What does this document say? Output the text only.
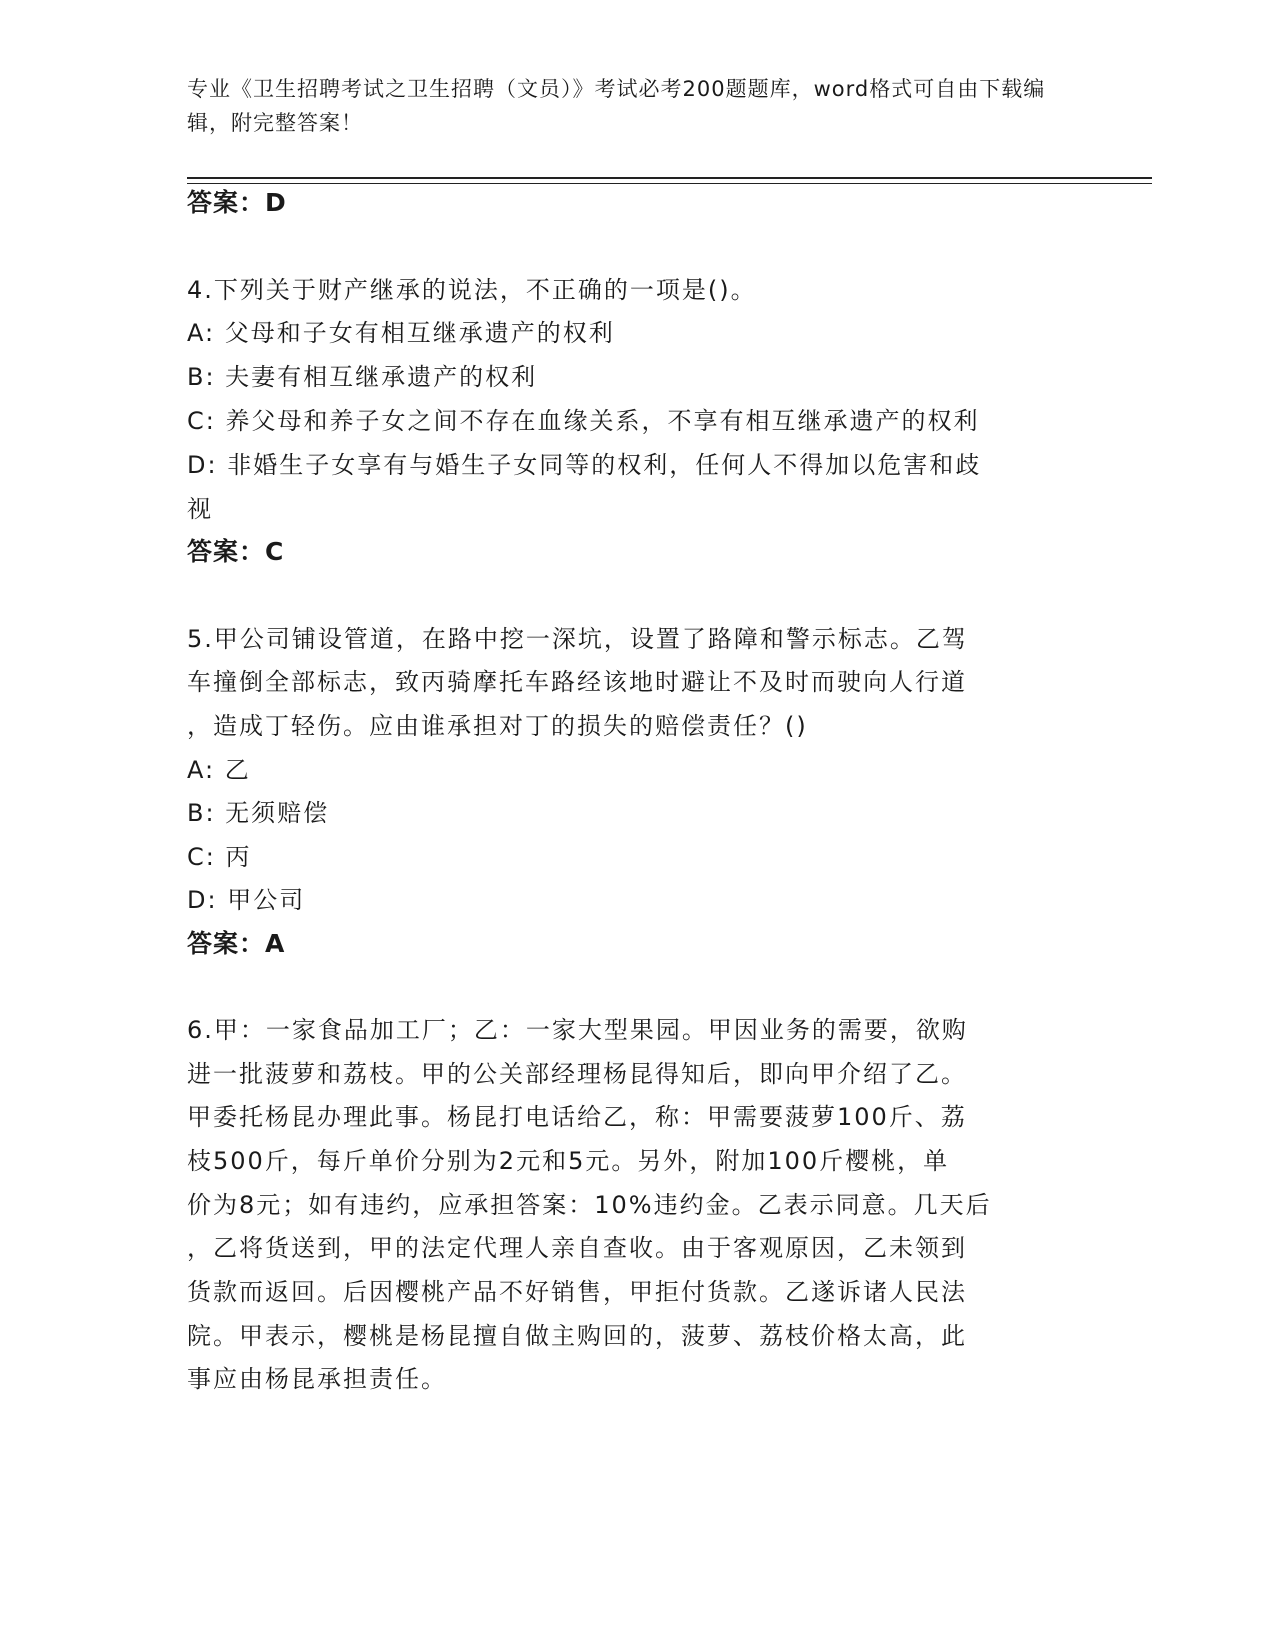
专业《卫生招聘考试之卫生招聘（文员）》考试必考200题题库，word格式可自由下载编辑，附完整答案！
答案：D
4.下列关于财产继承的说法，不正确的一项是()。
A: 父母和子女有相互继承遗产的权利
B: 夫妻有相互继承遗产的权利
C: 养父母和养子女之间不存在血缘关系，不享有相互继承遗产的权利
D: 非婚生子女享有与婚生子女同等的权利，任何人不得加以危害和歧
视
答案：C
5.甲公司铺设管道，在路中挖一深坑，设置了路障和警示标志。乙驾
车撞倒全部标志，致丙骑摩托车路经该地时避让不及时而驶向人行道
，造成丁轻伤。应由谁承担对丁的损失的赔偿责任？()
A: 乙
B: 无须赔偿
C: 丙
D: 甲公司
答案：A
6.甲：一家食品加工厂；乙：一家大型果园。甲因业务的需要，欲购
进一批菠萝和荔枝。甲的公关部经理杨昆得知后，即向甲介绍了乙。
甲委托杨昆办理此事。杨昆打电话给乙，称：甲需要菠萝100斤、荔
枝500斤，每斤单价分别为2元和5元。另外，附加100斤樱桃，单
价为8元；如有违约，应承担答案：10%违约金。乙表示同意。几天后
，乙将货送到，甲的法定代理人亲自查收。由于客观原因，乙未领到
货款而返回。后因樱桃产品不好销售，甲拒付货款。乙遂诉诸人民法
院。甲表示，樱桃是杨昆擅自做主购回的，菠萝、荔枝价格太高，此
事应由杨昆承担责任。
